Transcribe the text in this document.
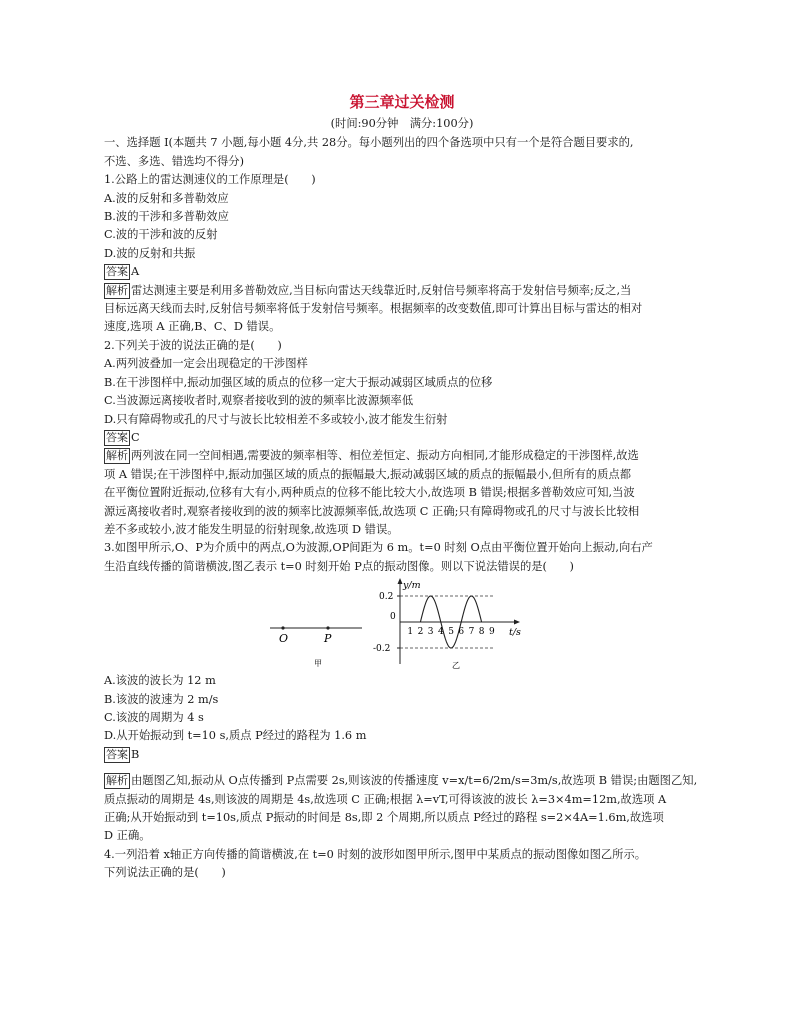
第三章过关检测
(时间:90分钟　满分:100分)
一、选择题 Ⅰ(本题共 7 小题,每小题 4分,共 28分。每小题列出的四个备选项中只有一个是符合题目要求的,
不选、多选、错选均不得分)
1.公路上的雷达测速仪的工作原理是(　　)
A.波的反射和多普勒效应
B.波的干涉和多普勒效应
C.波的干涉和波的反射
D.波的反射和共振
答案 A
解析 雷达测速主要是利用多普勒效应,当目标向雷达天线靠近时,反射信号频率将高于发射信号频率;反之,当
目标远离天线而去时,反射信号频率将低于发射信号频率。根据频率的改变数值,即可计算出目标与雷达的相对
速度,选项 A 正确,B、C、D 错误。
2.下列关于波的说法正确的是(　　)
A.两列波叠加一定会出现稳定的干涉图样
B.在干涉图样中,振动加强区域的质点的位移一定大于振动减弱区域质点的位移
C.当波源远离接收者时,观察者接收到的波的频率比波源频率低
D.只有障碍物或孔的尺寸与波长比较相差不多或较小,波才能发生衍射
答案 C
解析 两列波在同一空间相遇,需要波的频率相等、相位差恒定、振动方向相同,才能形成稳定的干涉图样,故选
项 A 错误;在干涉图样中,振动加强区域的质点的振幅最大,振动减弱区域的质点的振幅最小,但所有的质点都
在平衡位置附近振动,位移有大有小,两种质点的位移不能比较大小,故选项 B 错误;根据多普勒效应可知,当波
源远离接收者时,观察者接收到的波的频率比波源频率低,故选项 C 正确;只有障碍物或孔的尺寸与波长比较相
差不多或较小,波才能发生明显的衍射现象,故选项 D 错误。
3.如图甲所示,O、P为介质中的两点,O为波源,OP间距为 6 m。t=0 时刻 O点由平衡位置开始向上振动,向右产
生沿直线传播的简谐横波,图乙表示 t=0 时刻开始 P点的振动图像。则以下说法错误的是(　　)
O	P
甲
y/m
t/s
0.2
-0.2
0
1 2 3 4 5 6 7 8 9
乙
A.该波的波长为 12 m
B.该波的波速为 2 m/s
C.该波的周期为 4 s
D.从开始振动到 t=10 s,质点 P经过的路程为 1.6 m
答案 B
解析 由题图乙知,振动从 O点传播到 P点需要 2s,则该波的传播速度 v=x/t=6/2m/s=3m/s,故选项 B 错误;由题图乙知,
质点振动的周期是 4s,则该波的周期是 4s,故选项 C 正确;根据 λ=vT,可得该波的波长 λ=3×4m=12m,故选项 A
正确;从开始振动到 t=10s,质点 P振动的时间是 8s,即 2 个周期,所以质点 P经过的路程 s=2×4A=1.6m,故选项
D 正确。
4.一列沿着 x轴正方向传播的简谐横波,在 t=0 时刻的波形如图甲所示,图甲中某质点的振动图像如图乙所示。
下列说法正确的是(　　)
